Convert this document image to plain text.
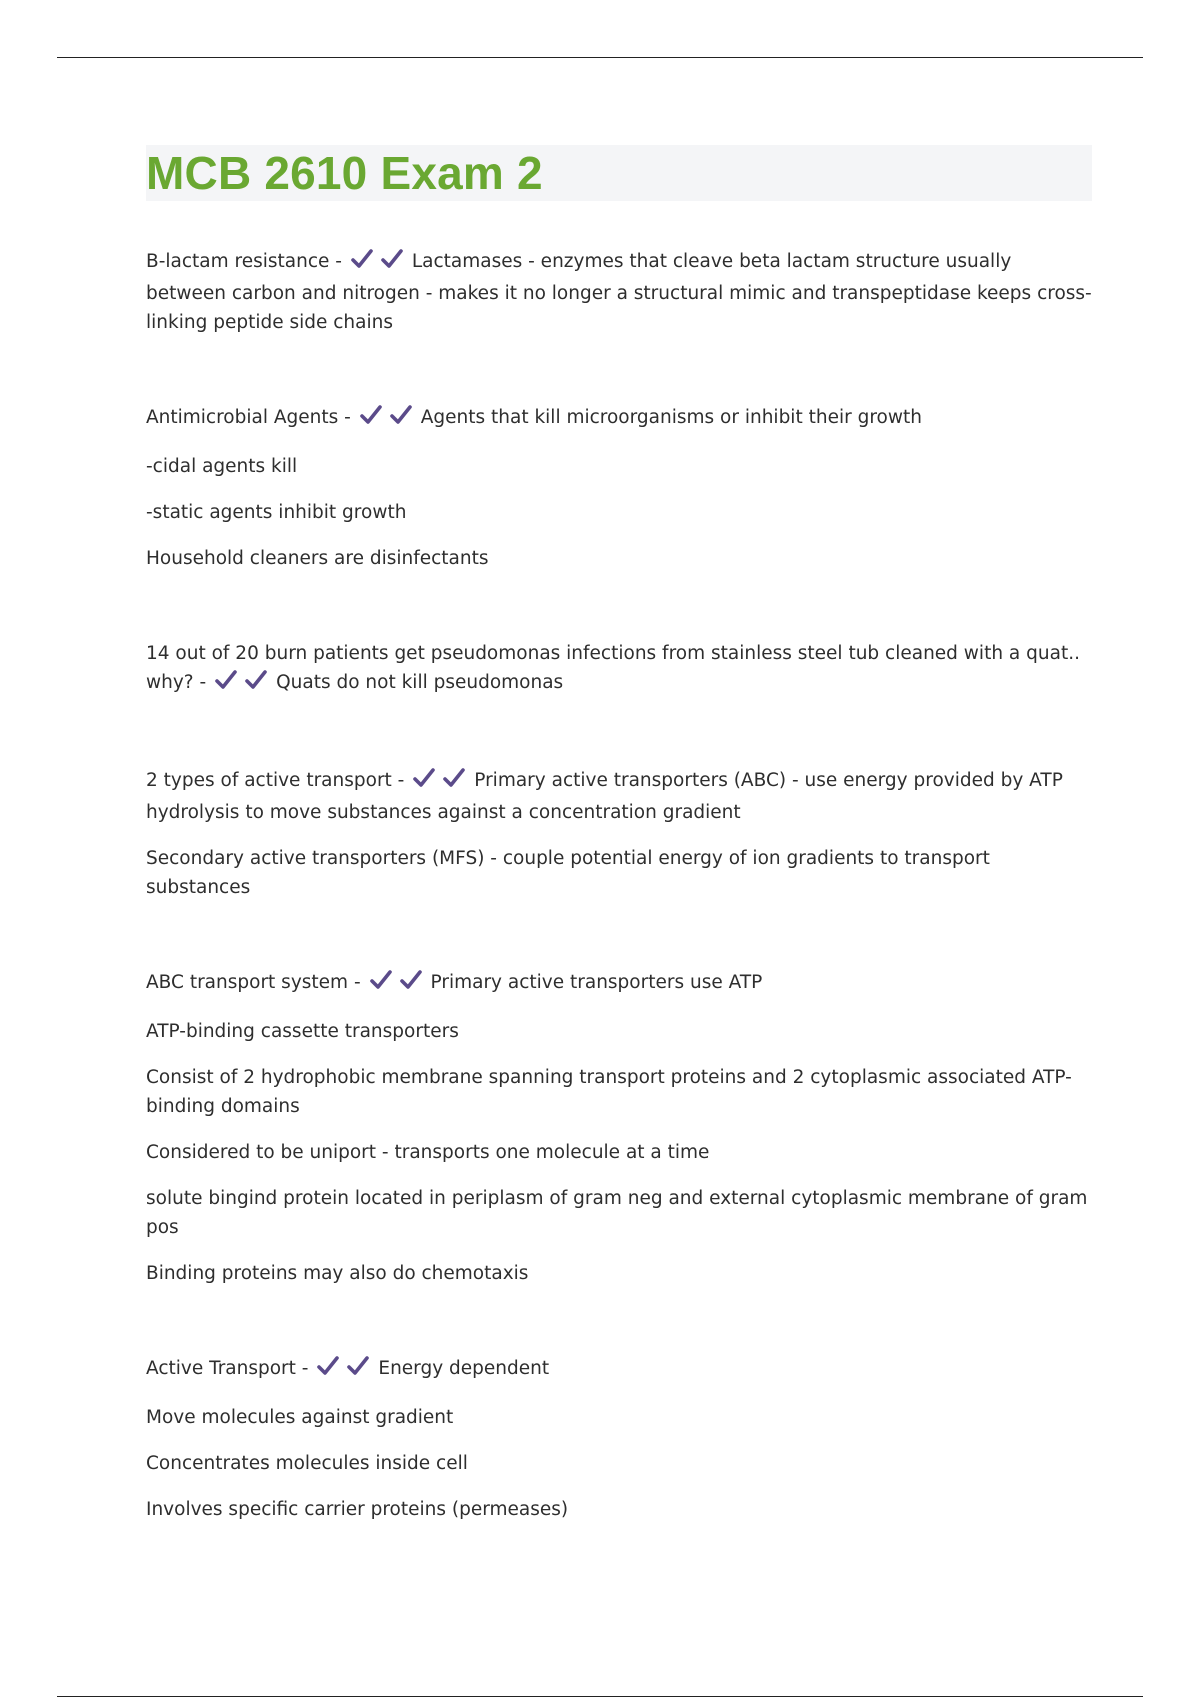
MCB 2610 Exam 2

B-lactam resistance -	Lactamases - enzymes that cleave beta lactam structure usually between carbon and nitrogen - makes it no longer a structural mimic and transpeptidase keeps cross-linking peptide side chains

Antimicrobial Agents -	Agents that kill microorganisms or inhibit their growth

-cidal agents kill

-static agents inhibit growth

Household cleaners are disinfectants

14 out of 20 burn patients get pseudomonas infections from stainless steel tub cleaned with a quat.. why? -	Quats do not kill pseudomonas

2 types of active transport -	Primary active transporters (ABC) - use energy provided by ATP hydrolysis to move substances against a concentration gradient

Secondary active transporters (MFS) - couple potential energy of ion gradients to transport substances

ABC transport system -	Primary active transporters use ATP

ATP-binding cassette transporters

Consist of 2 hydrophobic membrane spanning transport proteins and 2 cytoplasmic associated ATP-binding domains

Considered to be uniport - transports one molecule at a time

solute bingind protein located in periplasm of gram neg and external cytoplasmic membrane of gram pos

Binding proteins may also do chemotaxis

Active Transport -	Energy dependent

Move molecules against gradient

Concentrates molecules inside cell

Involves specific carrier proteins (permeases)
